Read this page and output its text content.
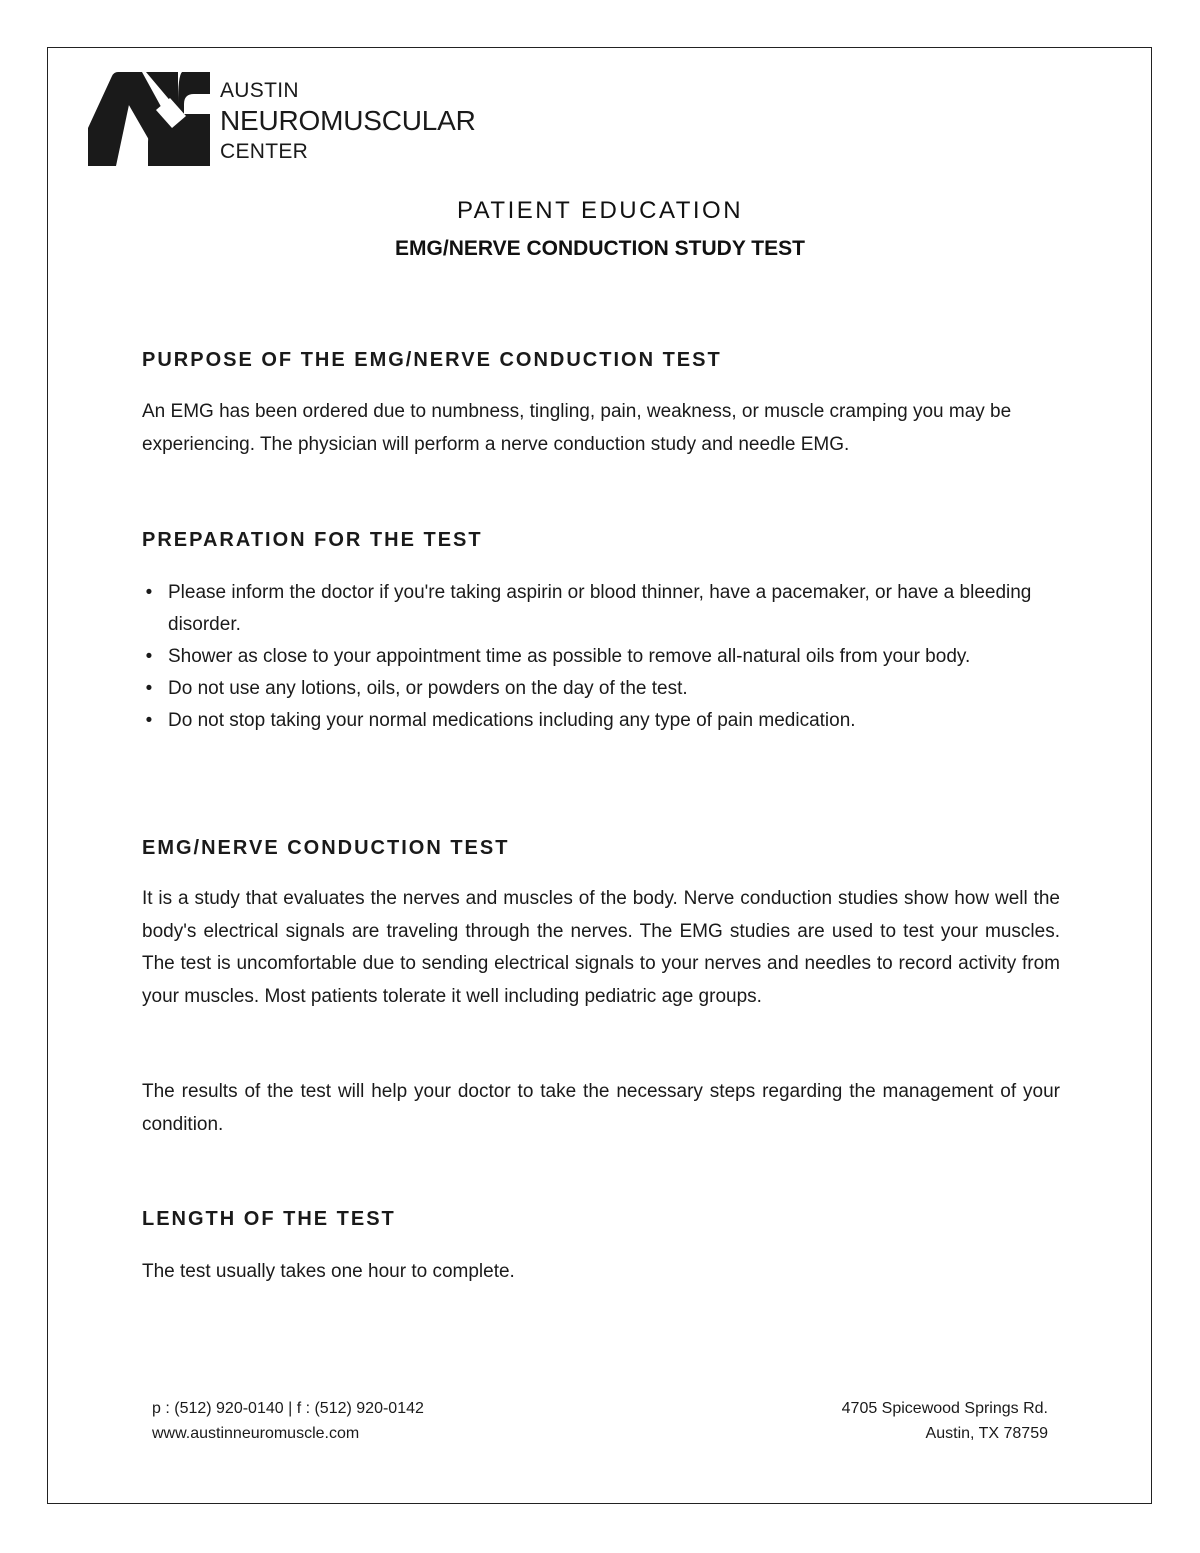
AUSTIN
NEUROMUSCULAR
CENTER
PATIENT EDUCATION
EMG/NERVE CONDUCTION STUDY TEST
PURPOSE OF THE EMG/NERVE CONDUCTION TEST

An EMG has been ordered due to numbness, tingling, pain, weakness, or muscle cramping you may be experiencing. The physician will perform a nerve conduction study and needle EMG.

PREPARATION FOR THE TEST
• Please inform the doctor if you're taking aspirin or blood thinner, have a pacemaker, or have a bleeding disorder.
• Shower as close to your appointment time as possible to remove all-natural oils from your body.
• Do not use any lotions, oils, or powders on the day of the test.
• Do not stop taking your normal medications including any type of pain medication.
EMG/NERVE CONDUCTION TEST

It is a study that evaluates the nerves and muscles of the body. Nerve conduction studies show how well the body's electrical signals are traveling through the nerves. The EMG studies are used to test your muscles. The test is uncomfortable due to sending electrical signals to your nerves and needles to record activity from your muscles. Most patients tolerate it well including pediatric age groups.

The results of the test will help your doctor to take the necessary steps regarding the management of your condition.

LENGTH OF THE TEST

The test usually takes one hour to complete.

p : (512) 920-0140 | f : (512) 920-0142
www.austinneuromuscle.com
4705 Spicewood Springs Rd.
Austin, TX 78759
